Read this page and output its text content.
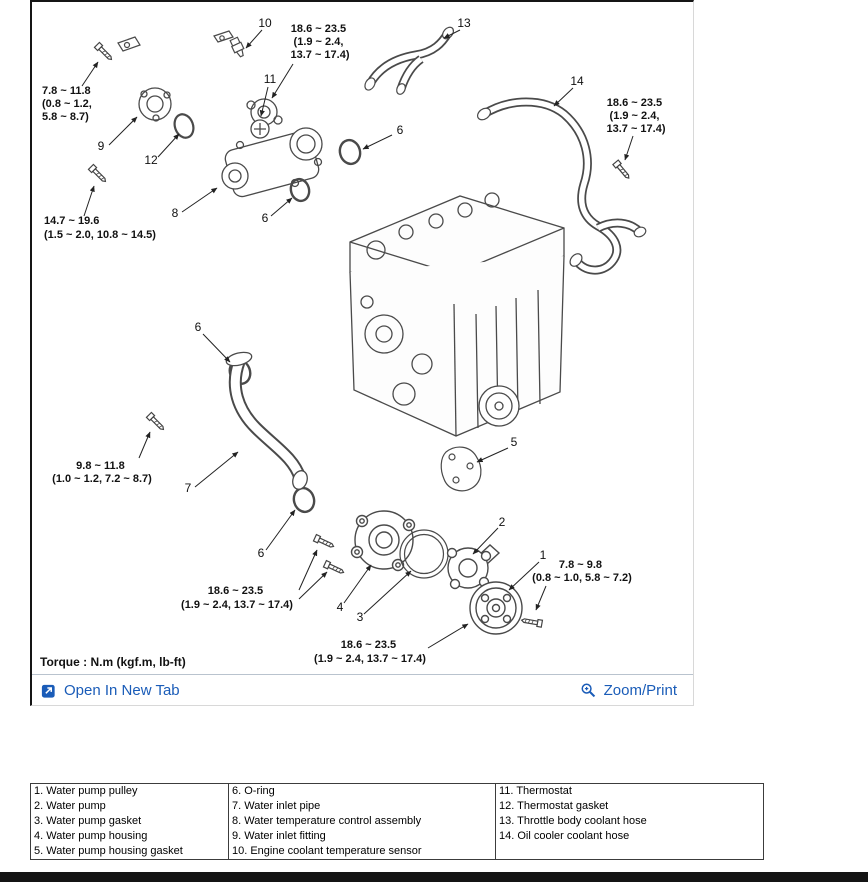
10	13
11	14
9
12
6
8	6
6
5
7
6
2
1
4
3
18.6 ~ 23.5 (1.9 ~ 2.4, 13.7 ~ 17.4)
18.6 ~ 23.5 (1.9 ~ 2.4, 13.7 ~ 17.4)
7.8 ~ 11.8 (0.8 ~ 1.2, 5.8 ~ 8.7)
14.7 ~ 19.6 (1.5 ~ 2.0, 10.8 ~ 14.5)
9.8 ~ 11.8 (1.0 ~ 1.2, 7.2 ~ 8.7)
18.6 ~ 23.5 (1.9 ~ 2.4, 13.7 ~ 17.4)
7.8 ~ 9.8 (0.8 ~ 1.0, 5.8 ~ 7.2)
18.6 ~ 23.5 (1.9 ~ 2.4, 13.7 ~ 17.4)
Torque : N.m (kgf.m, lb-ft)
Open In New Tab	Zoom/Print
1. Water pump pulley	6. O-ring	11. Thermostat
2. Water pump	7. Water inlet pipe	12. Thermostat gasket
3. Water pump gasket	8. Water temperature control assembly	13. Throttle body coolant hose
4. Water pump housing	9. Water inlet fitting	14. Oil cooler coolant hose
5. Water pump housing gasket	10. Engine coolant temperature sensor	
